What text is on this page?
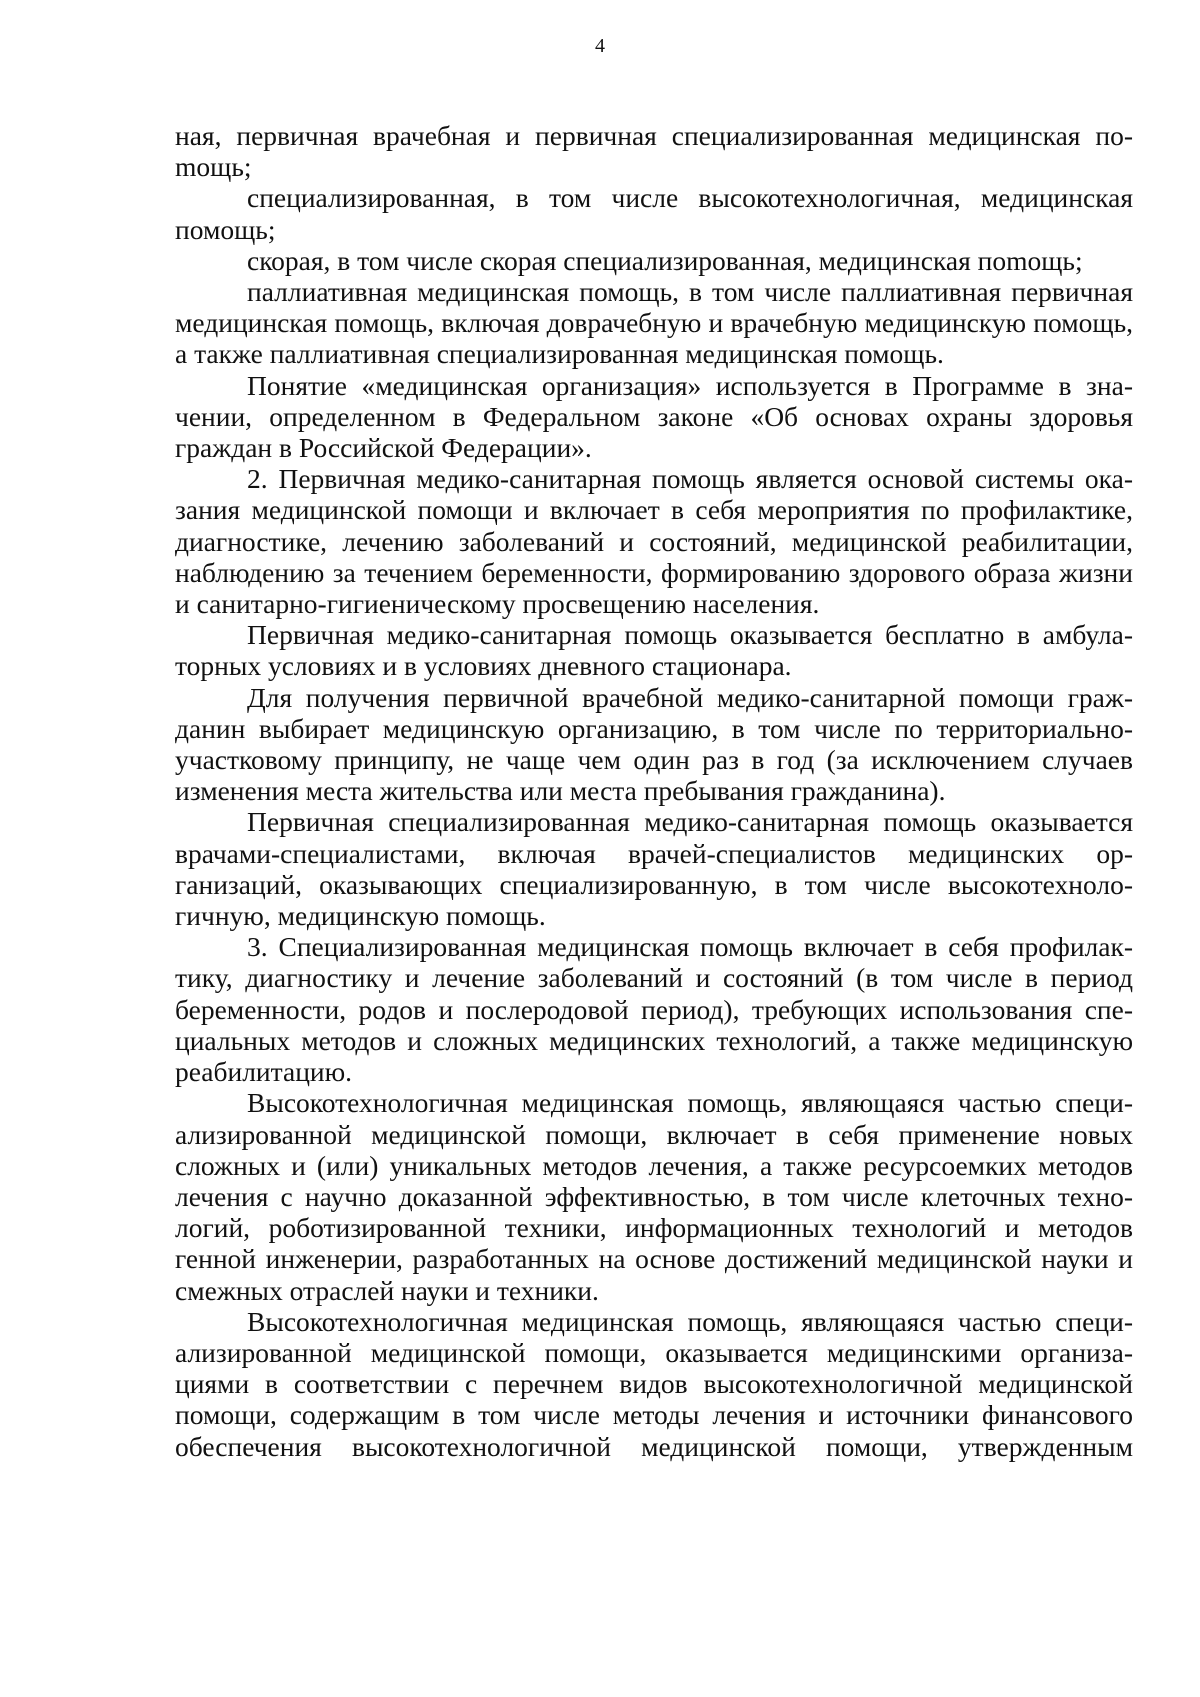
4

ная, первичная врачебная и первичная специализированная медицинская поmощь;

специализированная, в том числе высокотехнологичная, медицинская помощь;

скорая, в том числе скорая специализированная, медицинская поmощь;

паллиативная медицинская помощь, в том числе паллиативная первичная медицинская помощь, включая доврачебную и врачебную медицинскую помощь, а также паллиативная специализированная медицинская помощь.

Понятие «медицинская организация» используется в Программе в значении, определенном в Федеральном законе «Об основах охраны здоровья граждан в Российской Федерации».

2. Первичная медико-санитарная помощь является основой системы оказания медицинской помощи и включает в себя мероприятия по профилактике, диагностике, лечению заболеваний и состояний, медицинской реабилитации, наблюдению за течением беременности, формированию здорового образа жизни и санитарно-гигиеническому просвещению населения.

Первичная медико-санитарная помощь оказывается бесплатно в амбулаторных условиях и в условиях дневного стационара.

Для получения первичной врачебной медико-санитарной помощи гражданин выбирает медицинскую организацию, в том числе по территориально-участковому принципу, не чаще чем один раз в год (за исключением случаев изменения места жительства или места пребывания гражданина).

Первичная специализированная медико-санитарная помощь оказывается врачами-специалистами, включая врачей-специалистов медицинских организаций, оказывающих специализированную, в том числе высокотехнологичную, медицинскую помощь.

3. Специализированная медицинская помощь включает в себя профилактику, диагностику и лечение заболеваний и состояний (в том числе в период беременности, родов и послеродовой период), требующих использования специальных методов и сложных медицинских технологий, а также медицинскую реабилитацию.

Высокотехнологичная медицинская помощь, являющаяся частью специализированной медицинской помощи, включает в себя применение новых сложных и (или) уникальных методов лечения, а также ресурсоемких методов лечения с научно доказанной эффективностью, в том числе клеточных технологий, роботизированной техники, информационных технологий и методов генной инженерии, разработанных на основе достижений медицинской науки и смежных отраслей науки и техники.

Высокотехнологичная медицинская помощь, являющаяся частью специализированной медицинской помощи, оказывается медицинскими организациями в соответствии с перечнем видов высокотехнологичной медицинской помощи, содержащим в том числе методы лечения и источники финансового обеспечения высокотехнологичной медицинской помощи, утвержденным
